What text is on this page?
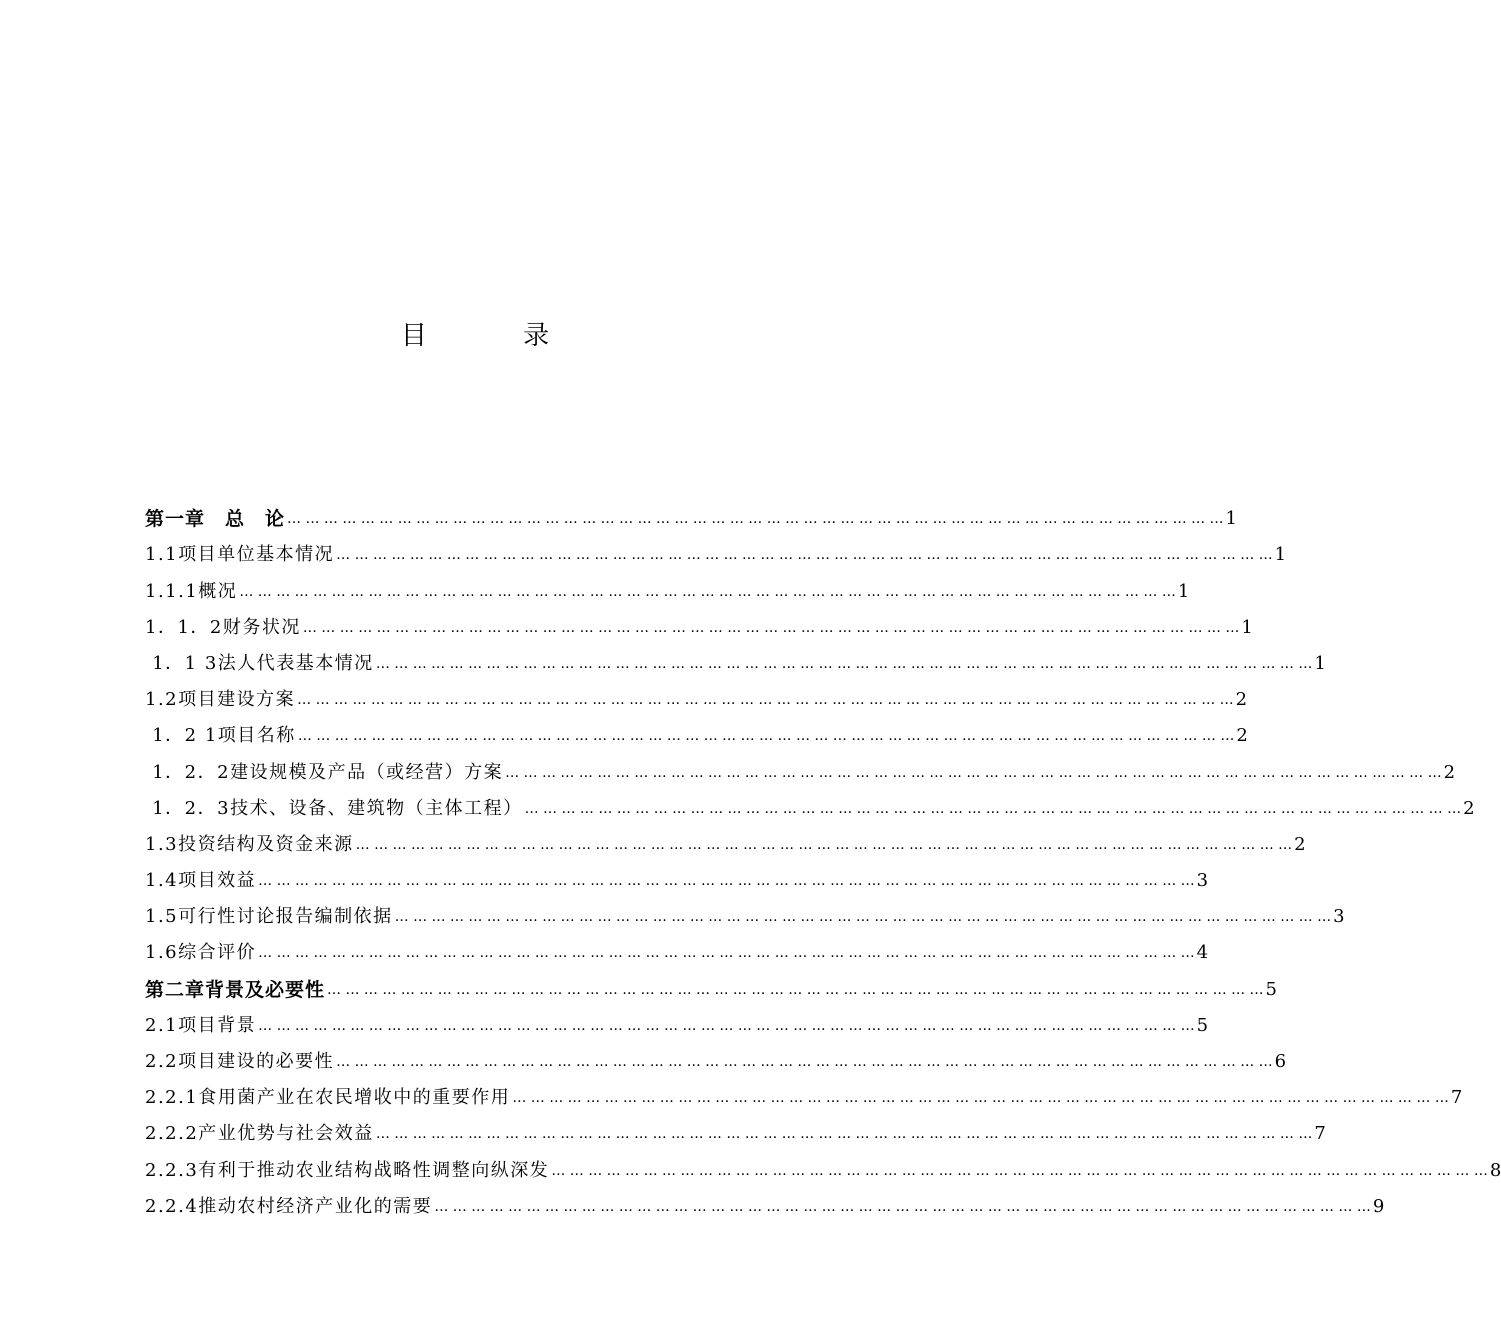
目 录
第一章　总　论 … … … … … … … … … … … … … … … … … … … … … … … … … … … … … … … … … … … … … … … … … … … … … … … … … … … 1
1.1项目单位基本情况 … … … … … … … … … … … … … … … … … … … … … … … … … … … … … … … … … … … … … … … … … … … … … … … … … … … 1
1.1.1概况 … … … … … … … … … … … … … … … … … … … … … … … … … … … … … … … … … … … … … … … … … … … … … … … … … … … 1
1．1．2财务状况 … … … … … … … … … … … … … … … … … … … … … … … … … … … … … … … … … … … … … … … … … … … … … … … … … … … 1
1．1 3法人代表基本情况 … … … … … … … … … … … … … … … … … … … … … … … … … … … … … … … … … … … … … … … … … … … … … … … … … … … 1
1.2项目建设方案 … … … … … … … … … … … … … … … … … … … … … … … … … … … … … … … … … … … … … … … … … … … … … … … … … … … 2
1．2 1项目名称 … … … … … … … … … … … … … … … … … … … … … … … … … … … … … … … … … … … … … … … … … … … … … … … … … … … 2
1．2．2建设规模及产品（或经营）方案 … … … … … … … … … … … … … … … … … … … … … … … … … … … … … … … … … … … … … … … … … … … … … … … … … … … 2
1．2．3技术、设备、建筑物（主体工程） … … … … … … … … … … … … … … … … … … … … … … … … … … … … … … … … … … … … … … … … … … … … … … … … … … … 2
1.3投资结构及资金来源 … … … … … … … … … … … … … … … … … … … … … … … … … … … … … … … … … … … … … … … … … … … … … … … … … … … 2
1.4项目效益 … … … … … … … … … … … … … … … … … … … … … … … … … … … … … … … … … … … … … … … … … … … … … … … … … … … 3
1.5可行性讨论报告编制依据 … … … … … … … … … … … … … … … … … … … … … … … … … … … … … … … … … … … … … … … … … … … … … … … … … … … 3
1.6综合评价 … … … … … … … … … … … … … … … … … … … … … … … … … … … … … … … … … … … … … … … … … … … … … … … … … … … 4
第二章背景及必要性 … … … … … … … … … … … … … … … … … … … … … … … … … … … … … … … … … … … … … … … … … … … … … … … … … … … 5
2.1项目背景 … … … … … … … … … … … … … … … … … … … … … … … … … … … … … … … … … … … … … … … … … … … … … … … … … … … 5
2.2项目建设的必要性 … … … … … … … … … … … … … … … … … … … … … … … … … … … … … … … … … … … … … … … … … … … … … … … … … … … 6
2.2.1食用菌产业在农民增收中的重要作用 … … … … … … … … … … … … … … … … … … … … … … … … … … … … … … … … … … … … … … … … … … … … … … … … … … … 7
2.2.2产业优势与社会效益 … … … … … … … … … … … … … … … … … … … … … … … … … … … … … … … … … … … … … … … … … … … … … … … … … … … 7
2.2.3有利于推动农业结构战略性调整向纵深发 … … … … … … … … … … … … … … … … … … … … … … … … … … … … … … … … … … … … … … … … … … … … … … … … … … … 8
2.2.4推动农村经济产业化的需要 … … … … … … … … … … … … … … … … … … … … … … … … … … … … … … … … … … … … … … … … … … … … … … … … … … … 9
